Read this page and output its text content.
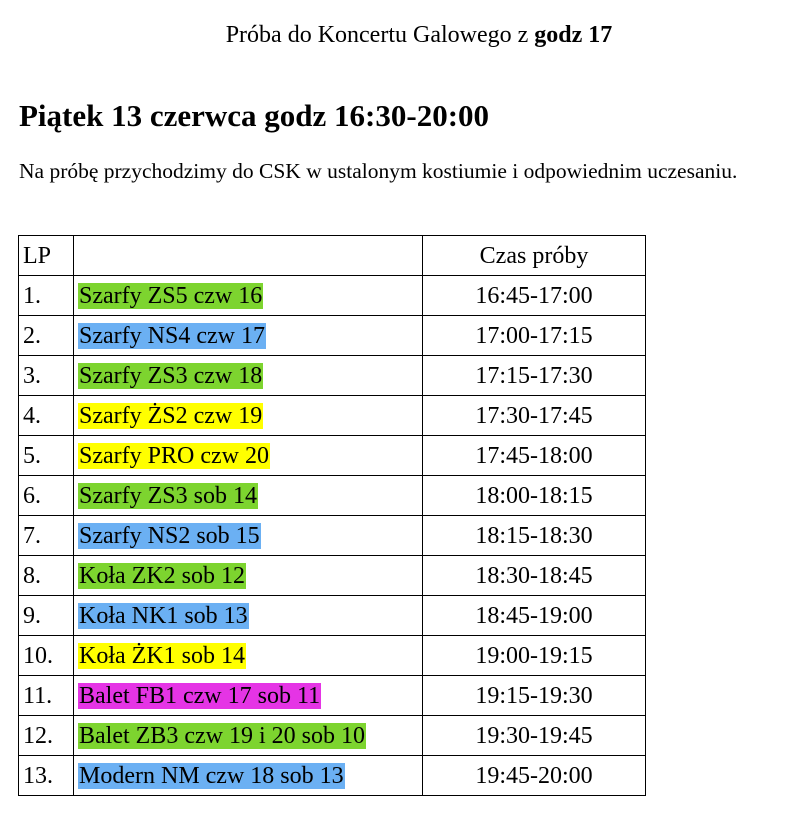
Próba do Koncertu Galowego z godz 17
Piątek 13 czerwca godz 16:30-20:00
Na próbę przychodzimy do CSK w ustalonym kostiumie i odpowiednim uczesaniu.
LP		Czas próby
1.	Szarfy ZS5 czw 16	16:45-17:00
2.	Szarfy NS4 czw 17	17:00-17:15
3.	Szarfy ZS3 czw 18	17:15-17:30
4.	Szarfy ŻS2 czw 19	17:30-17:45
5.	Szarfy PRO czw 20	17:45-18:00
6.	Szarfy ZS3 sob 14	18:00-18:15
7.	Szarfy NS2 sob 15	18:15-18:30
8.	Koła ZK2 sob 12	18:30-18:45
9.	Koła NK1 sob 13	18:45-19:00
10.	Koła ŻK1 sob 14	19:00-19:15
11.	Balet FB1 czw 17 sob 11	19:15-19:30
12.	Balet ZB3 czw 19 i 20 sob 10	19:30-19:45
13.	Modern NM czw 18 sob 13	19:45-20:00
